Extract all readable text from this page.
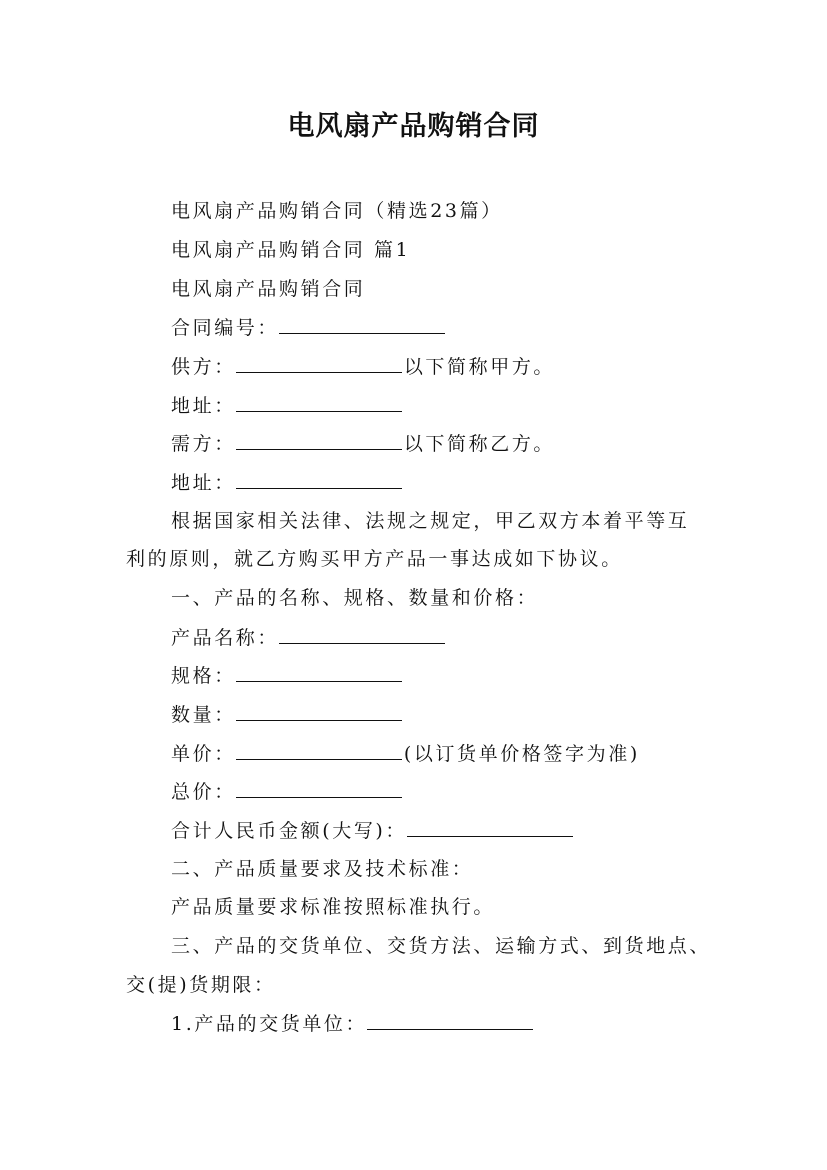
电风扇产品购销合同
电风扇产品购销合同（精选23篇）
电风扇产品购销合同 篇1
电风扇产品购销合同
合同编号：
供方：	以下简称甲方。
地址：
需方：	以下简称乙方。
地址：
根据国家相关法律、法规之规定，甲乙双方本着平等互
利的原则，就乙方购买甲方产品一事达成如下协议。
一、产品的名称、规格、数量和价格：
产品名称：
规格：
数量：
单价：	(以订货单价格签字为准)
总价：
合计人民币金额(大写)：
二、产品质量要求及技术标准：
产品质量要求标准按照标准执行。
三、产品的交货单位、交货方法、运输方式、到货地点、
交(提)货期限：
1.产品的交货单位：
